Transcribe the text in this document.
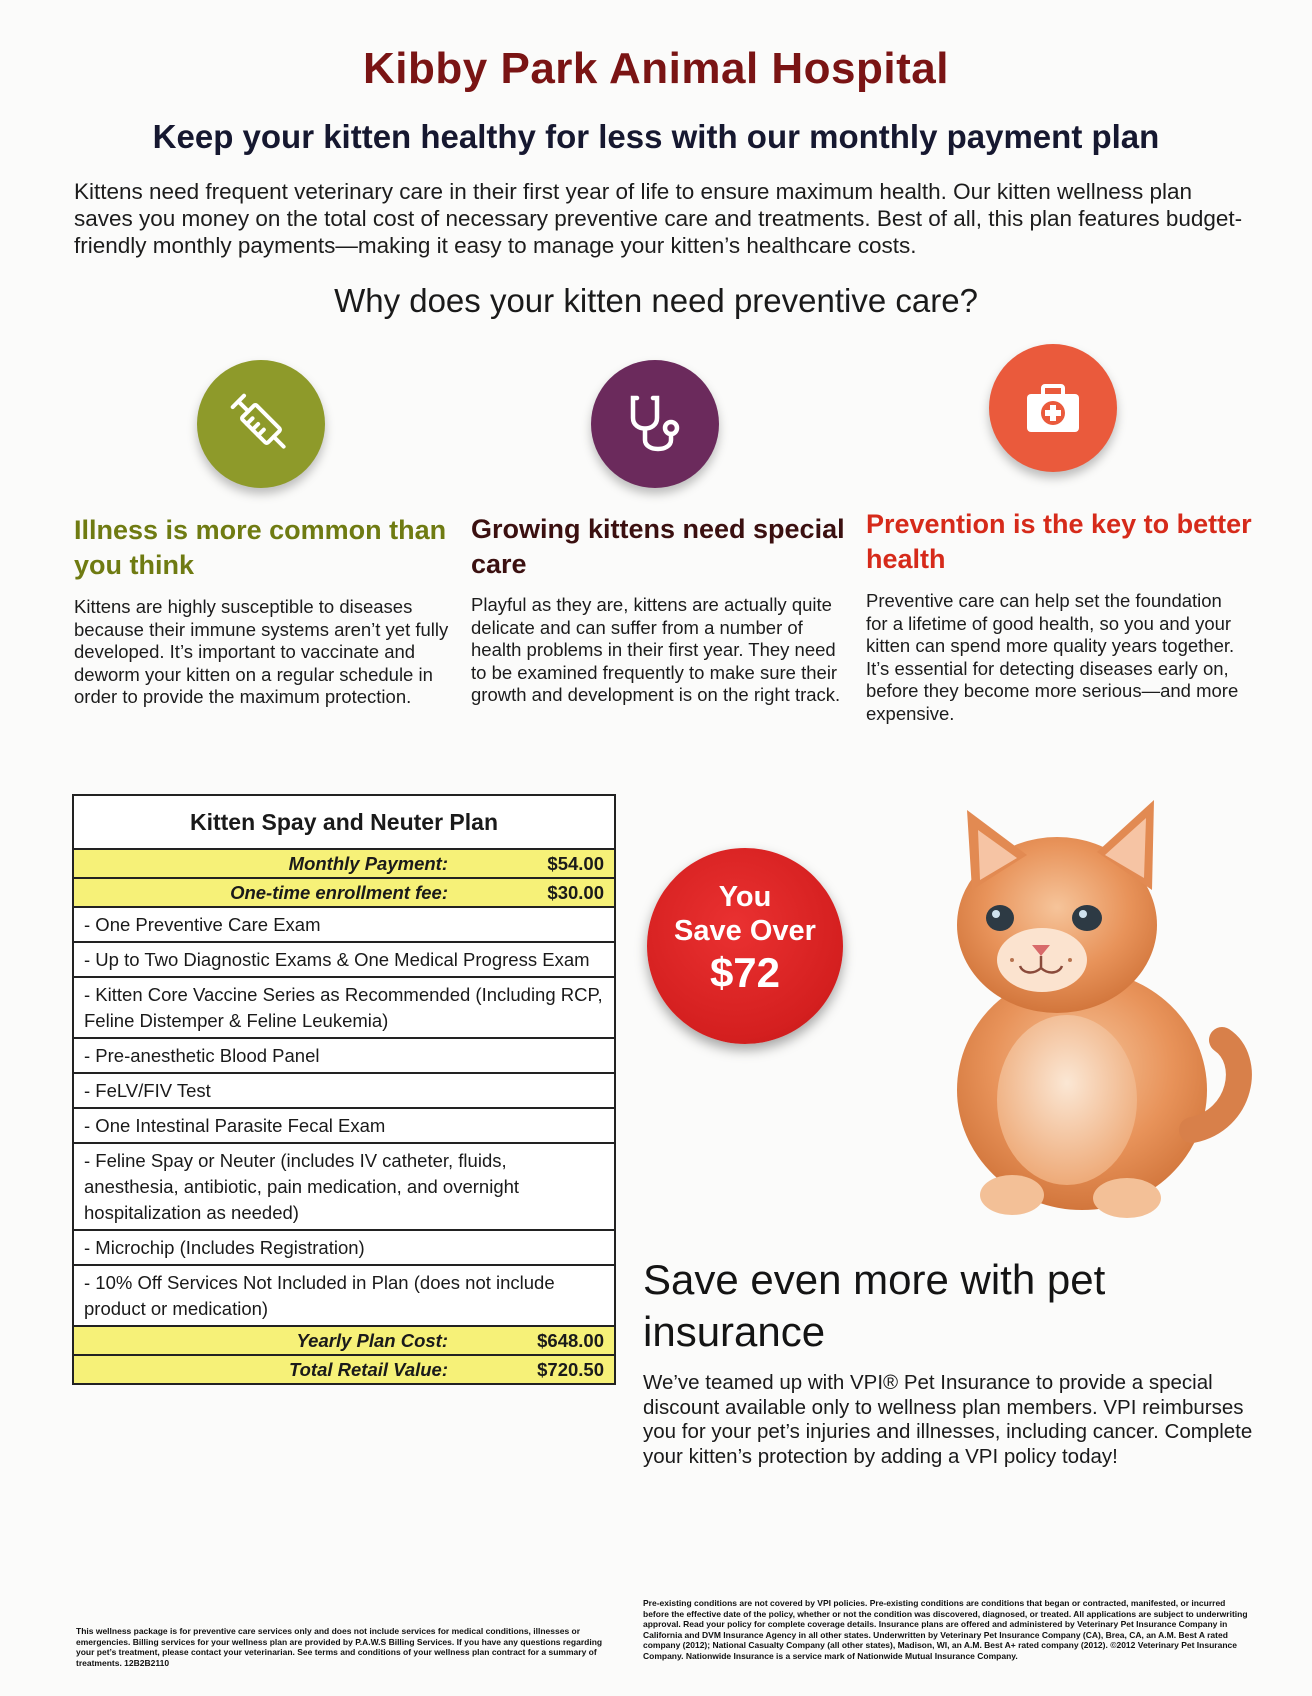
Kibby Park Animal Hospital
Keep your kitten healthy for less with our monthly payment plan
Kittens need frequent veterinary care in their first year of life to ensure maximum health. Our kitten wellness plan saves you money on the total cost of necessary preventive care and treatments. Best of all, this plan features budget-friendly monthly payments—making it easy to manage your kitten’s healthcare costs.
Why does your kitten need preventive care?
Illness is more common than you think
Kittens are highly susceptible to diseases because their immune systems aren’t yet fully developed. It’s important to vaccinate and deworm your kitten on a regular schedule in order to provide the maximum protection.
Growing kittens need special care
Playful as they are, kittens are actually quite delicate and can suffer from a number of health problems in their first year. They need to be examined frequently to make sure their growth and development is on the right track.
Prevention is the key to better health
Preventive care can help set the foundation for a lifetime of good health, so you and your kitten can spend more quality years together. It’s essential for detecting diseases early on, before they become more serious—and more expensive.
Kitten Spay and Neuter Plan
Monthly Payment:	$54.00
One-time enrollment fee:	$30.00
- One Preventive Care Exam
- Up to Two Diagnostic Exams & One Medical Progress Exam
- Kitten Core Vaccine Series as Recommended (Including RCP, Feline Distemper & Feline Leukemia)
- Pre-anesthetic Blood Panel
- FeLV/FIV Test
- One Intestinal Parasite Fecal Exam
- Feline Spay or Neuter (includes IV catheter, fluids, anesthesia, antibiotic, pain medication, and overnight hospitalization as needed)
- Microchip (Includes Registration)
- 10% Off Services Not Included in Plan (does not include product or medication)
Yearly Plan Cost:	$648.00
Total Retail Value:	$720.50
You
Save Over
$72
Save even more with pet insurance
We’ve teamed up with VPI® Pet Insurance to provide a special discount available only to wellness plan members. VPI reimburses you for your pet’s injuries and illnesses, including cancer. Complete your kitten’s protection by adding a VPI policy today!
This wellness package is for preventive care services only and does not include services for medical conditions, illnesses or emergencies. Billing services for your wellness plan are provided by P.A.W.S Billing Services. If you have any questions regarding your pet’s treatment, please contact your veterinarian. See terms and conditions of your wellness plan contract for a summary of treatments. 12B2B2110
Pre-existing conditions are not covered by VPI policies. Pre-existing conditions are conditions that began or contracted, manifested, or incurred before the effective date of the policy, whether or not the condition was discovered, diagnosed, or treated. All applications are subject to underwriting approval. Read your policy for complete coverage details. Insurance plans are offered and administered by Veterinary Pet Insurance Company in California and DVM Insurance Agency in all other states. Underwritten by Veterinary Pet Insurance Company (CA), Brea, CA, an A.M. Best A rated company (2012); National Casualty Company (all other states), Madison, WI, an A.M. Best A+ rated company (2012). ©2012 Veterinary Pet Insurance Company. Nationwide Insurance is a service mark of Nationwide Mutual Insurance Company.
